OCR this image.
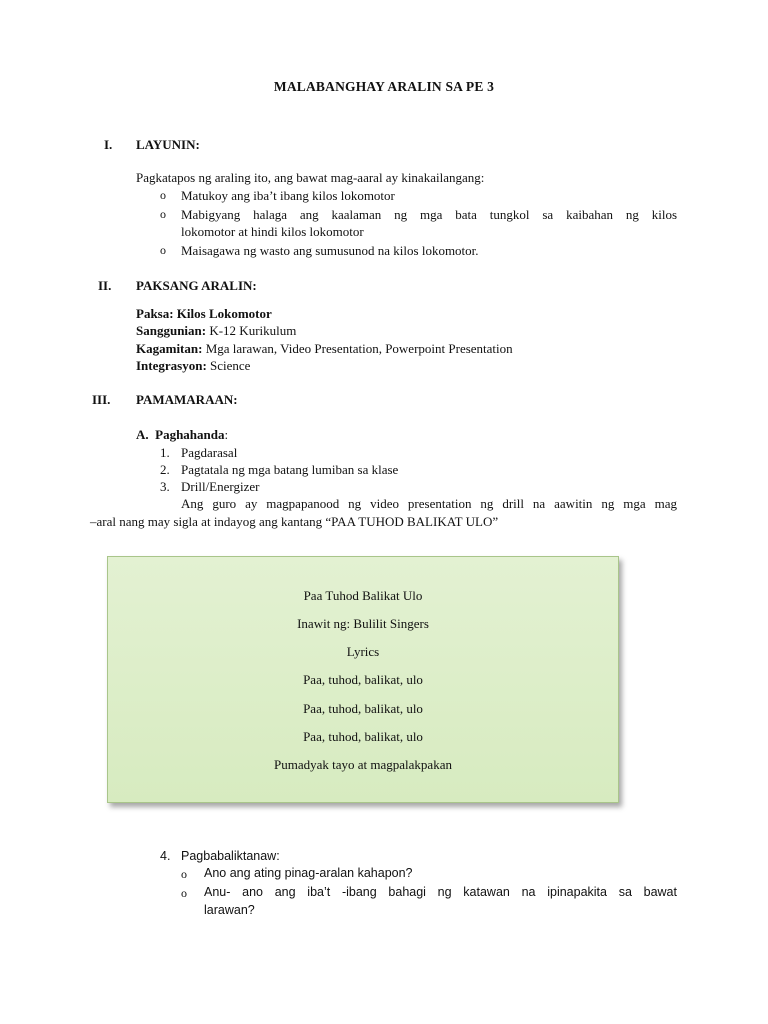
MALABANGHAY ARALIN SA PE 3
I. LAYUNIN:
Pagkatapos ng araling ito, ang bawat mag-aaral ay kinakailangang:
o Matukoy ang iba’t ibang kilos lokomotor
o Mabigyang halaga ang kaalaman ng mga bata tungkol sa kaibahan ng kilos
lokomotor at hindi kilos lokomotor
o Maisagawa ng wasto ang sumusunod na kilos lokomotor.
II. PAKSANG ARALIN:
Paksa: Kilos Lokomotor
Sanggunian: K-12 Kurikulum
Kagamitan: Mga larawan, Video Presentation, Powerpoint Presentation
Integrasyon: Science
III. PAMAMARAAN:
A. Paghahanda:
1. Pagdarasal
2. Pagtatala ng mga batang lumiban sa klase
3. Drill/Energizer
Ang guro ay magpapanood ng video presentation ng drill na aawitin ng mga mag
–aral nang may sigla at indayog ang kantang “PAA TUHOD BALIKAT ULO”
Paa Tuhod Balikat Ulo
Inawit ng: Bulilit Singers
Lyrics
Paa, tuhod, balikat, ulo
Paa, tuhod, balikat, ulo
Paa, tuhod, balikat, ulo
Pumadyak tayo at magpalakpakan
4. Pagbabaliktanaw:
o Ano ang ating pinag-aralan kahapon?
o Anu- ano ang iba’t -ibang bahagi ng katawan na ipinapakita sa bawat
larawan?
